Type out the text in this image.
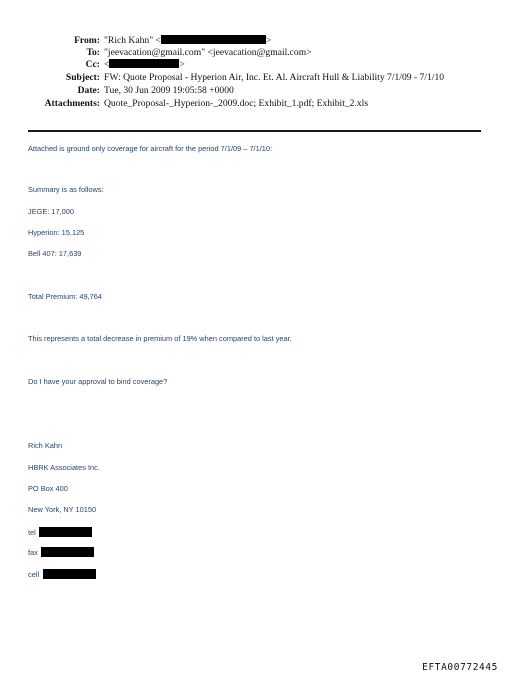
From: "Rich Kahn" <	>
To: "jeevacation@gmail.com" <jeevacation@gmail.com>
Cc: <	>
Subject: FW: Quote Proposal - Hyperion Air, Inc. Et. Al. Aircraft Hull & Liability 7/1/09 - 7/1/10
Date: Tue, 30 Jun 2009 19:05:58 +0000
Attachments: Quote_Proposal-_Hyperion-_2009.doc; Exhibit_1.pdf; Exhibit_2.xls
Attached is ground only coverage for aircraft for the period 7/1/09 – 7/1/10:
Summary is as follows:
JEGE: 17,000
Hyperion: 15,125
Bell 407: 17,639
Total Premium: 49,764
This represents a total decrease in premium of 19% when compared to last year.
Do I have your approval to bind coverage?
Rich Kahn
HBRK Associates Inc.
PO Box 400
New York, NY 10150
tel
fax
cell
EFTA00772445
